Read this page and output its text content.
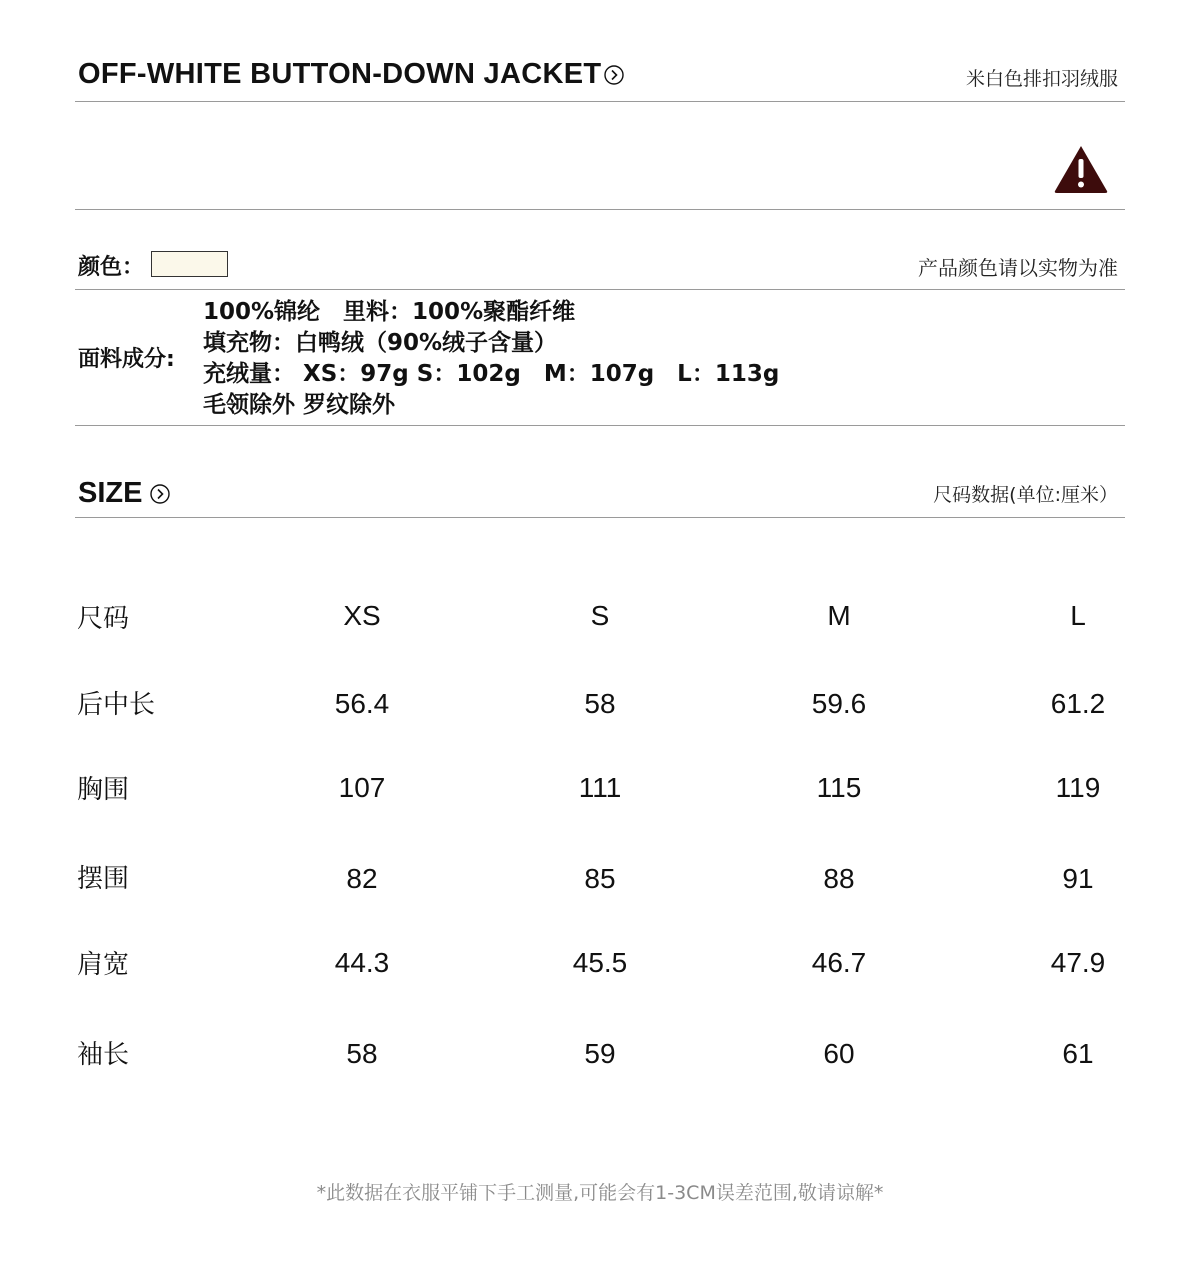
OFF-WHITE BUTTON-DOWN JACKET	米白色排扣羽绒服
颜色：	产品颜色请以实物为准
面料成分:
100%锦纶　里料：100%聚酯纤维
填充物：白鸭绒（90%绒子含量）
充绒量： XS：97g S：102g　M：107g　L：113g
毛领除外 罗纹除外
SIZE	尺码数据(单位:厘米）
尺码	XS	S	M	L
后中长	56.4	58	59.6	61.2
胸围	107	111	115	119
摆围	82	85	88	91
肩宽	44.3	45.5	46.7	47.9
袖长	58	59	60	61
*此数据在衣服平铺下手工测量,可能会有1-3CM误差范围,敬请谅解*
